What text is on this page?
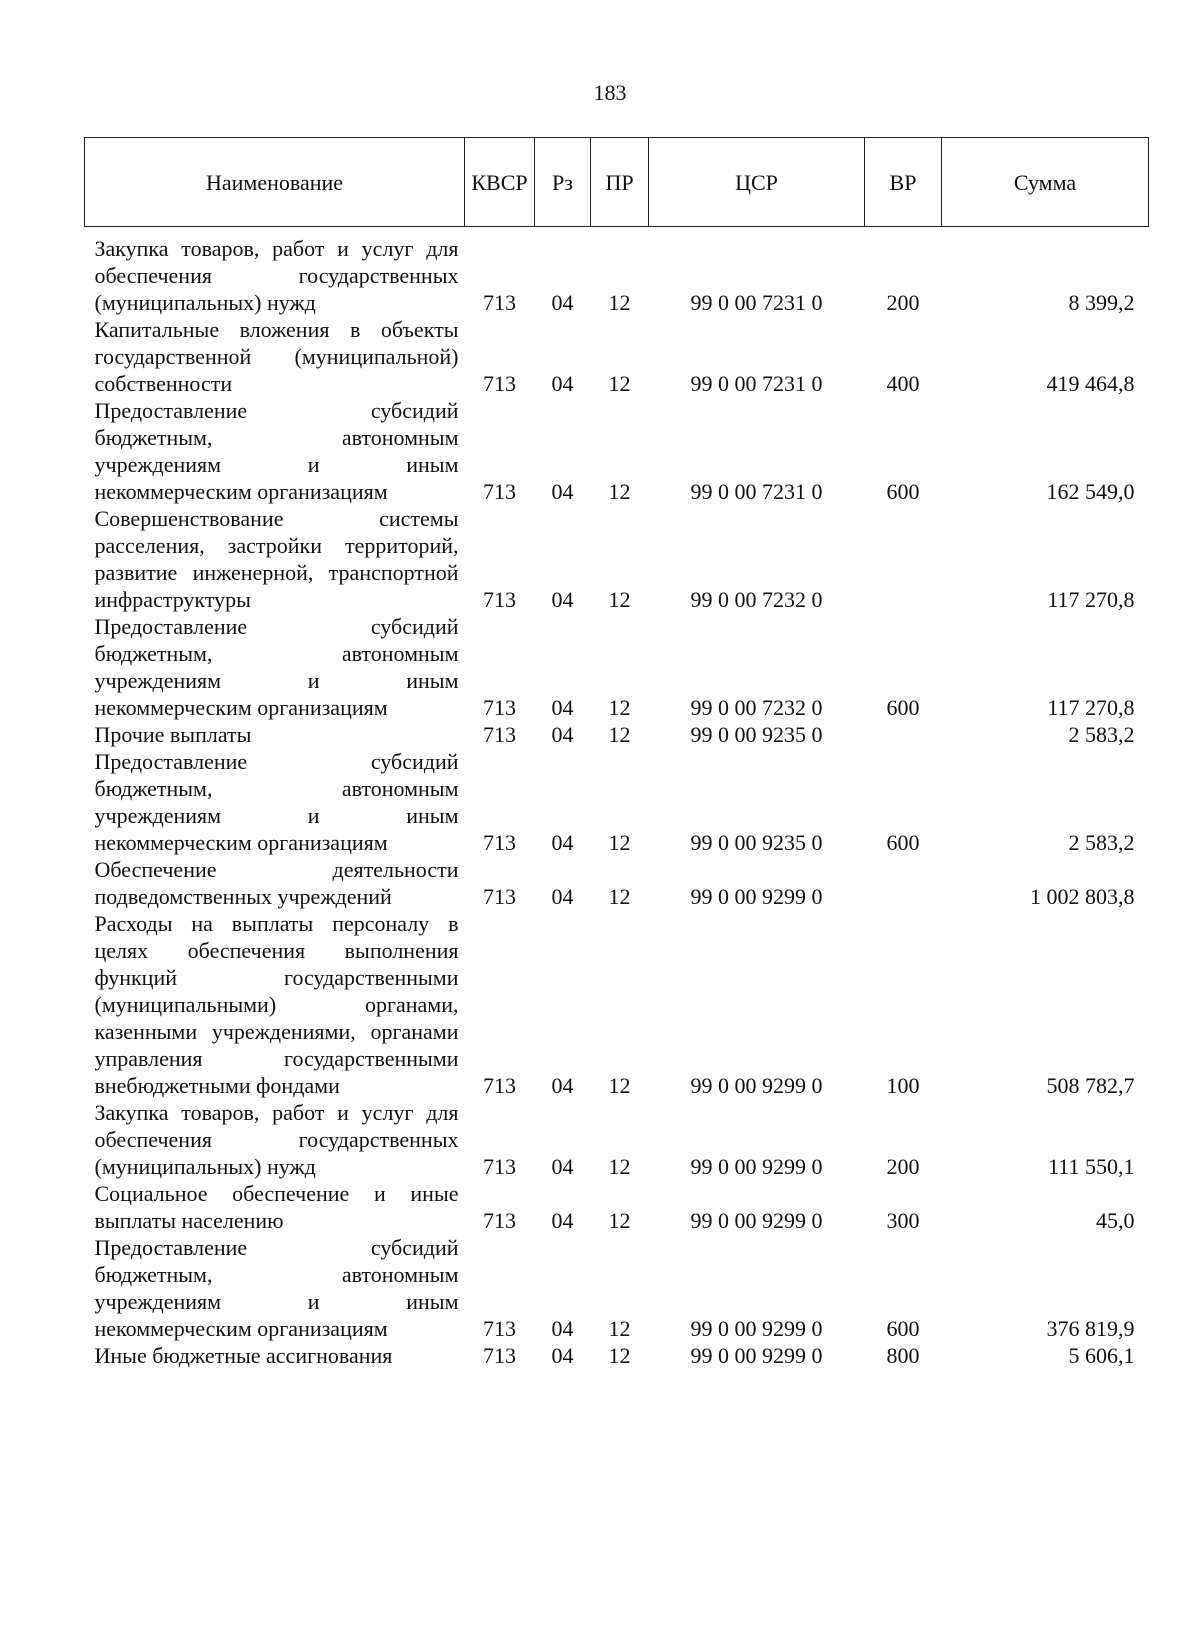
183
Наименование	КВСР	Рз	ПР	ЦСР	ВР	Сумма
Закупка товаров, работ и услуг для обеспечения государственных (муниципальных) нужд	713	04	12	99 0 00 7231 0	200	8 399,2
Капитальные вложения в объекты государственной (муниципальной) собственности	713	04	12	99 0 00 7231 0	400	419 464,8
Предоставление субсидий бюджетным, автономным учреждениям и иным некоммерческим организациям	713	04	12	99 0 00 7231 0	600	162 549,0
Совершенствование системы расселения, застройки территорий, развитие инженерной, транспортной инфраструктуры	713	04	12	99 0 00 7232 0		117 270,8
Предоставление субсидий бюджетным, автономным учреждениям и иным некоммерческим организациям	713	04	12	99 0 00 7232 0	600	117 270,8
Прочие выплаты	713	04	12	99 0 00 9235 0		2 583,2
Предоставление субсидий бюджетным, автономным учреждениям и иным некоммерческим организациям	713	04	12	99 0 00 9235 0	600	2 583,2
Обеспечение деятельности подведомственных учреждений	713	04	12	99 0 00 9299 0		1 002 803,8
Расходы на выплаты персоналу в целях обеспечения выполнения функций государственными (муниципальными) органами, казенными учреждениями, органами управления государственными внебюджетными фондами	713	04	12	99 0 00 9299 0	100	508 782,7
Закупка товаров, работ и услуг для обеспечения государственных (муниципальных) нужд	713	04	12	99 0 00 9299 0	200	111 550,1
Социальное обеспечение и иные выплаты населению	713	04	12	99 0 00 9299 0	300	45,0
Предоставление субсидий бюджетным, автономным учреждениям и иным некоммерческим организациям	713	04	12	99 0 00 9299 0	600	376 819,9
Иные бюджетные ассигнования	713	04	12	99 0 00 9299 0	800	5 606,1
